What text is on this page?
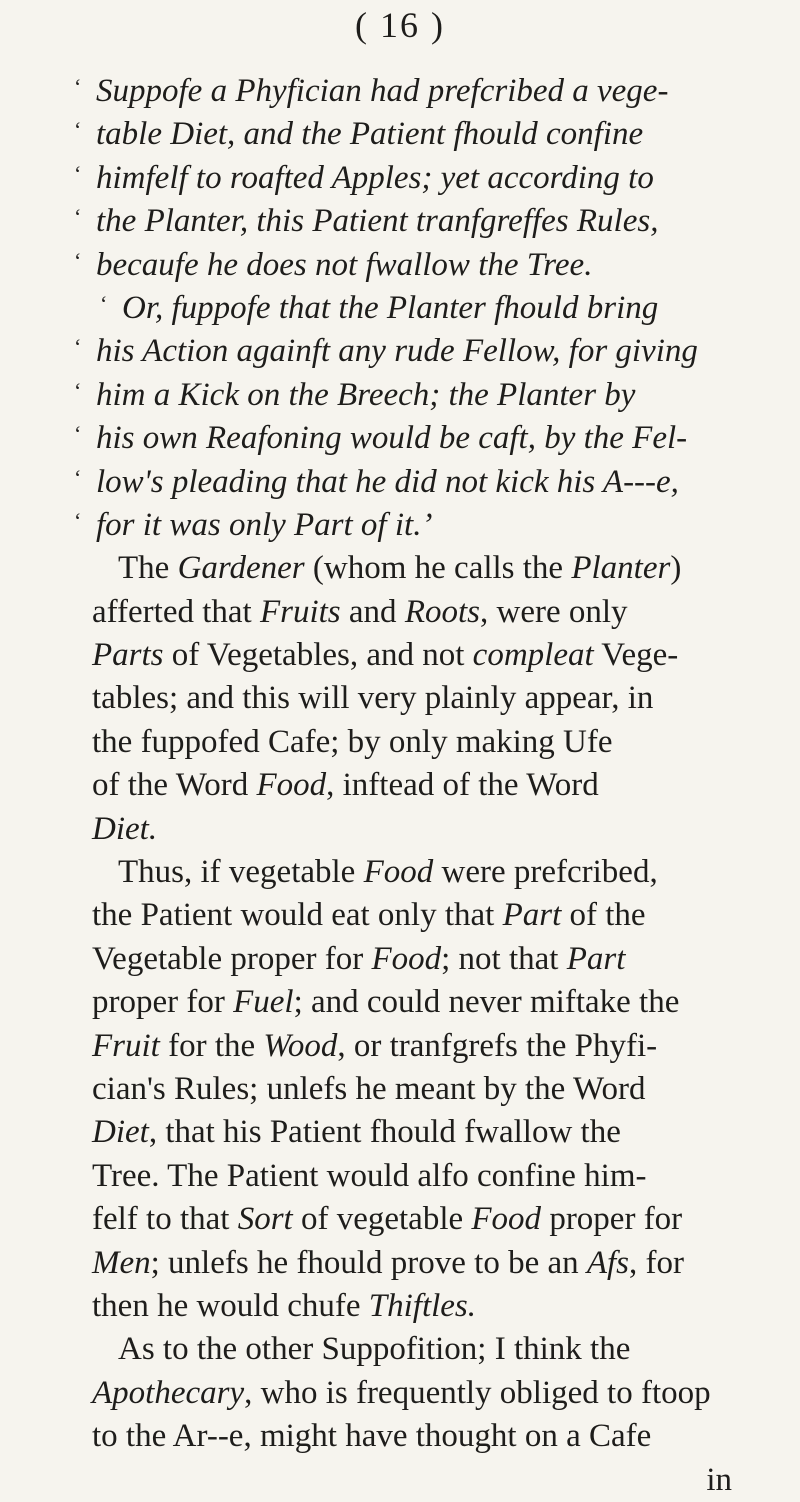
( 16 )
‘ Suppofe a Phyfician had prefcribed a vege-
‘ table Diet, and the Patient fhould confine
‘ himfelf to roafted Apples; yet according to
‘ the Planter, this Patient tranfgreffes Rules,
‘ becaufe he does not fwallow the Tree.
‘ Or, fuppofe that the Planter fhould bring
‘ his Action againft any rude Fellow, for giving
‘ him a Kick on the Breech; the Planter by
‘ his own Reafoning would be caft, by the Fel-
‘ low's pleading that he did not kick his A---e,
‘ for it was only Part of it.’
The Gardener (whom he calls the Planter)
afferted that Fruits and Roots, were only
Parts of Vegetables, and not compleat Vege-
tables; and this will very plainly appear, in
the fuppofed Cafe; by only making Ufe
of the Word Food, inftead of the Word
Diet.
Thus, if vegetable Food were prefcribed,
the Patient would eat only that Part of the
Vegetable proper for Food; not that Part
proper for Fuel; and could never miftake the
Fruit for the Wood, or tranfgrefs the Phyfi-
cian's Rules; unlefs he meant by the Word
Diet, that his Patient fhould fwallow the
Tree. The Patient would alfo confine him-
felf to that Sort of vegetable Food proper for
Men; unlefs he fhould prove to be an Afs, for
then he would chufe Thiftles.
As to the other Suppofition; I think the
Apothecary, who is frequently obliged to ftoop
to the Ar--e, might have thought on a Cafe
in
